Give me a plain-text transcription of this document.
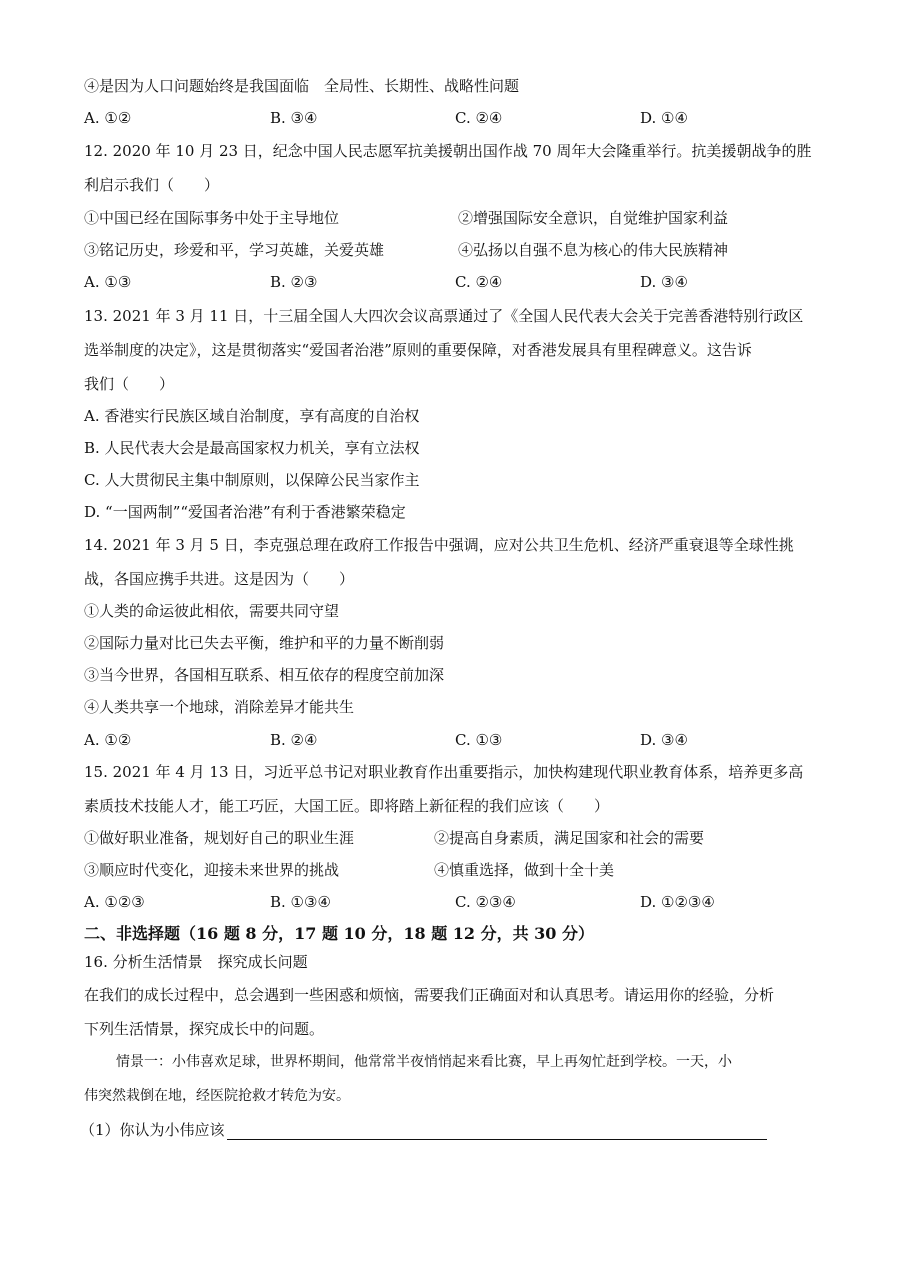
④是因为人口问题始终是我国面临　全局性、长期性、战略性问题
A. ①②	B. ③④	C. ②④	D. ①④
12. 2020 年 10 月 23 日，纪念中国人民志愿军抗美援朝出国作战 70 周年大会隆重举行。抗美援朝战争的胜
利启示我们（　　）
①中国已经在国际事务中处于主导地位	②增强国际安全意识，自觉维护国家利益
③铭记历史，珍爱和平，学习英雄，关爱英雄	④弘扬以自强不息为核心的伟大民族精神
A. ①③	B. ②③	C. ②④	D. ③④
13. 2021 年 3 月 11 日，十三届全国人大四次会议高票通过了《全国人民代表大会关于完善香港特别行政区
选举制度的决定》，这是贯彻落实“爱国者治港”原则的重要保障，对香港发展具有里程碑意义。这告诉
我们（　　）
A. 香港实行民族区域自治制度，享有高度的自治权
B. 人民代表大会是最高国家权力机关，享有立法权
C. 人大贯彻民主集中制原则，以保障公民当家作主
D. “一国两制”“爱国者治港”有利于香港繁荣稳定
14. 2021 年 3 月 5 日，李克强总理在政府工作报告中强调，应对公共卫生危机、经济严重衰退等全球性挑
战，各国应携手共进。这是因为（　　）
①人类的命运彼此相依，需要共同守望
②国际力量对比已失去平衡，维护和平的力量不断削弱
③当今世界，各国相互联系、相互依存的程度空前加深
④人类共享一个地球，消除差异才能共生
A. ①②	B. ②④	C. ①③	D. ③④
15. 2021 年 4 月 13 日，习近平总书记对职业教育作出重要指示，加快构建现代职业教育体系，培养更多高
素质技术技能人才，能工巧匠，大国工匠。即将踏上新征程的我们应该（　　）
①做好职业准备，规划好自己的职业生涯	②提高自身素质，满足国家和社会的需要
③顺应时代变化，迎接未来世界的挑战	④慎重选择，做到十全十美
A. ①②③	B. ①③④	C. ②③④	D. ①②③④
二、非选择题（16 题 8 分，17 题 10 分，18 题 12 分，共 30 分）
16. 分析生活情景　探究成长问题
在我们的成长过程中，总会遇到一些困惑和烦恼，需要我们正确面对和认真思考。请运用你的经验，分析
下列生活情景，探究成长中的问题。
情景一：小伟喜欢足球，世界杯期间，他常常半夜悄悄起来看比赛，早上再匆忙赶到学校。一天，小
伟突然栽倒在地，经医院抢救才转危为安。
（1）你认为小伟应该
